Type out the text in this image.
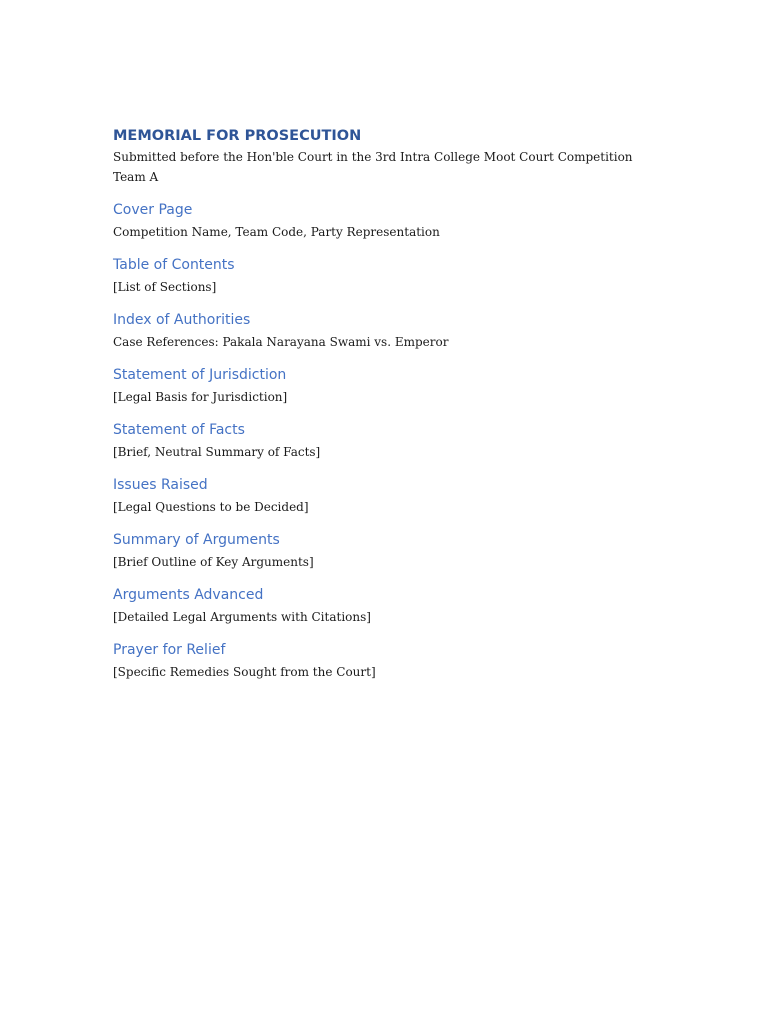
MEMORIAL FOR PROSECUTION

Submitted before the Hon'ble Court in the 3rd Intra College Moot Court Competition

Team A

Cover Page

Competition Name, Team Code, Party Representation

Table of Contents

[List of Sections]

Index of Authorities

Case References: Pakala Narayana Swami vs. Emperor

Statement of Jurisdiction

[Legal Basis for Jurisdiction]

Statement of Facts

[Brief, Neutral Summary of Facts]

Issues Raised

[Legal Questions to be Decided]

Summary of Arguments

[Brief Outline of Key Arguments]

Arguments Advanced

[Detailed Legal Arguments with Citations]

Prayer for Relief

[Specific Remedies Sought from the Court]
